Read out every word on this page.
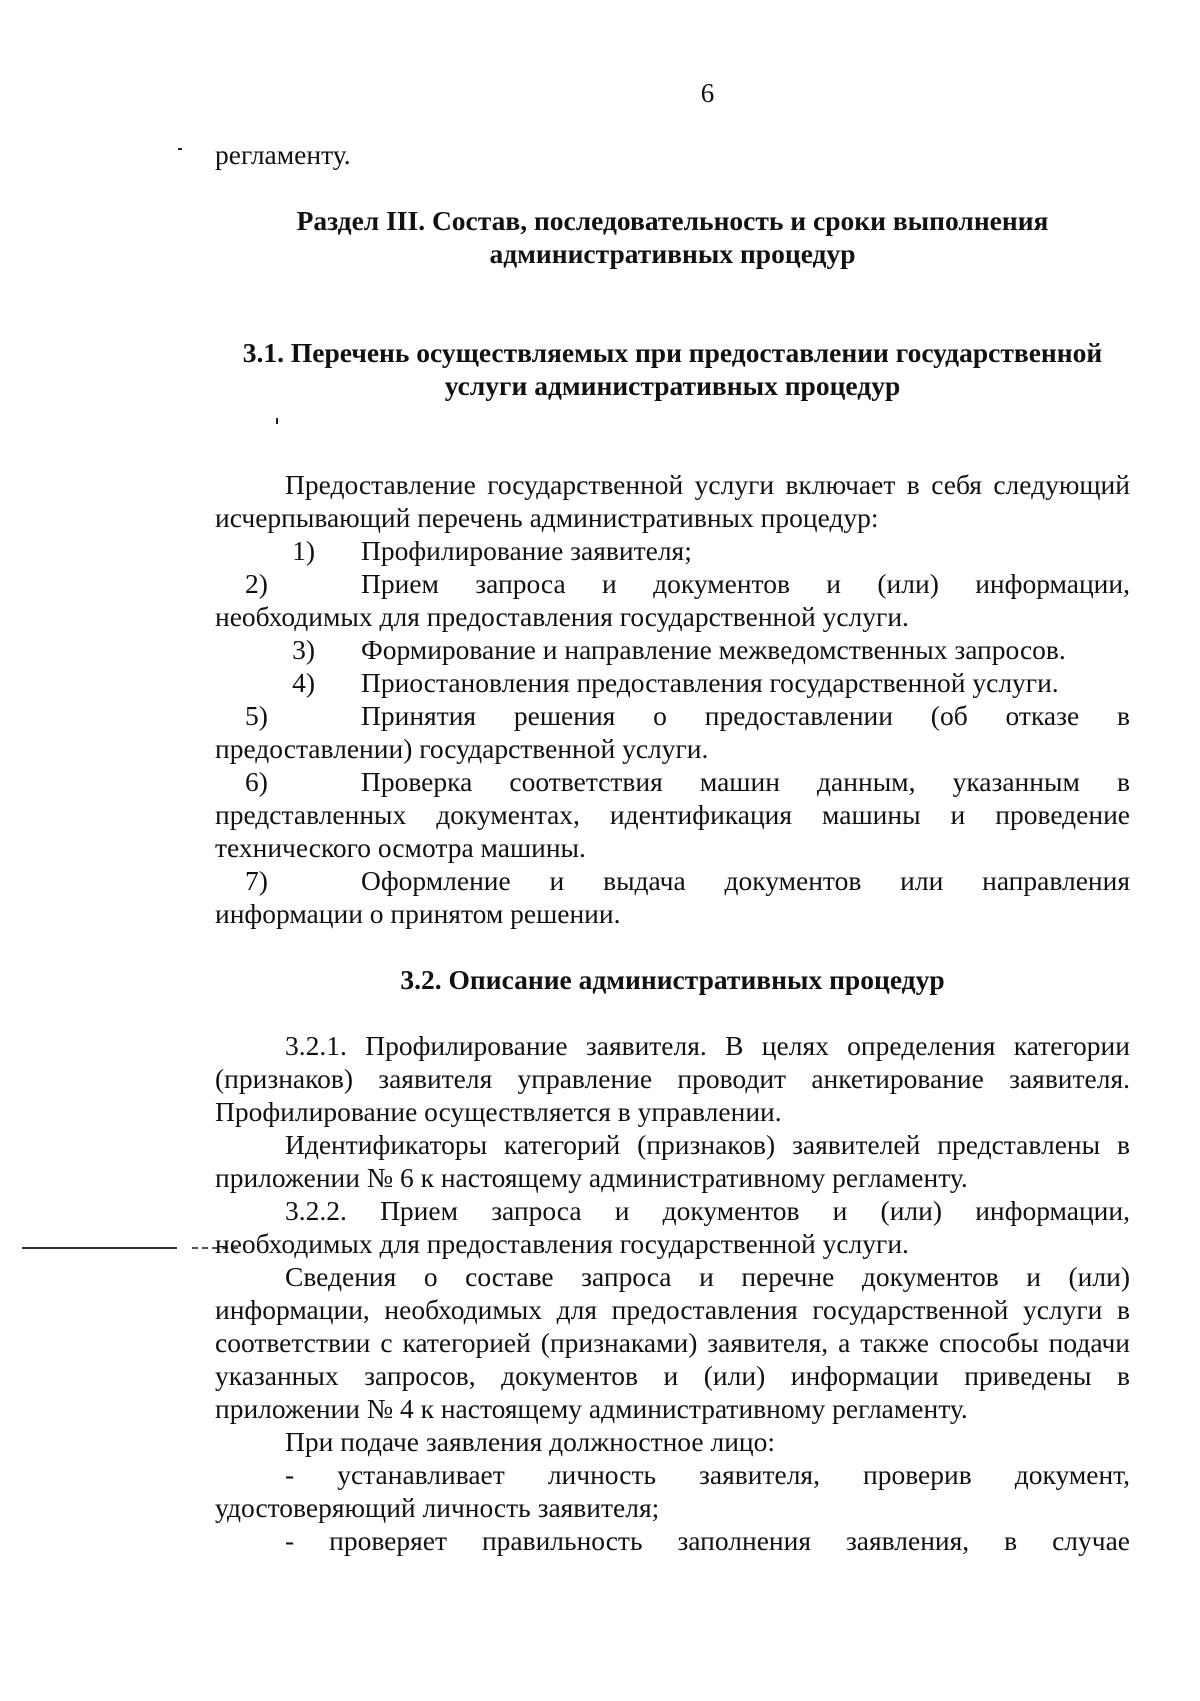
6

регламенту.

Раздел III. Состав, последовательность и сроки выполнения

административных процедур

3.1. Перечень осуществляемых при предоставлении государственной

услуги административных процедур

Предоставление государственной услуги включает в себя следующий

исчерпывающий перечень административных процедур:

1) Профилирование заявителя;

2)	Прием запроса и документов и (или) информации,

необходимых для предоставления государственной услуги.

3) Формирование и направление межведомственных запросов.

4) Приостановления предоставления государственной услуги.

5)	Принятия решения о предоставлении (об отказе в

предоставлении) государственной услуги.

6)	Проверка соответствия машин данным, указанным в

представленных документах, идентификация машины и проведение

технического осмотра машины.

7)	Оформление и выдача документов или направления

информации о принятом решении.

3.2. Описание административных процедур

3.2.1. Профилирование заявителя. В целях определения категории

(признаков) заявителя управление проводит анкетирование заявителя.

Профилирование осуществляется в управлении.

Идентификаторы категорий (признаков) заявителей представлены в

приложении № 6 к настоящему административному регламенту.

3.2.2. Прием запроса и документов и (или) информации,

необходимых для предоставления государственной услуги.

Сведения о составе запроса и перечне документов и (или)

информации, необходимых для предоставления государственной услуги в

соответствии с категорией (признаками) заявителя, а также способы подачи

указанных запросов, документов и (или) информации приведены в

приложении № 4 к настоящему административному регламенту.

При подаче заявления должностное лицо:

- устанавливает личность заявителя, проверив документ,

удостоверяющий личность заявителя;

- проверяет правильность заполнения заявления, в случае
